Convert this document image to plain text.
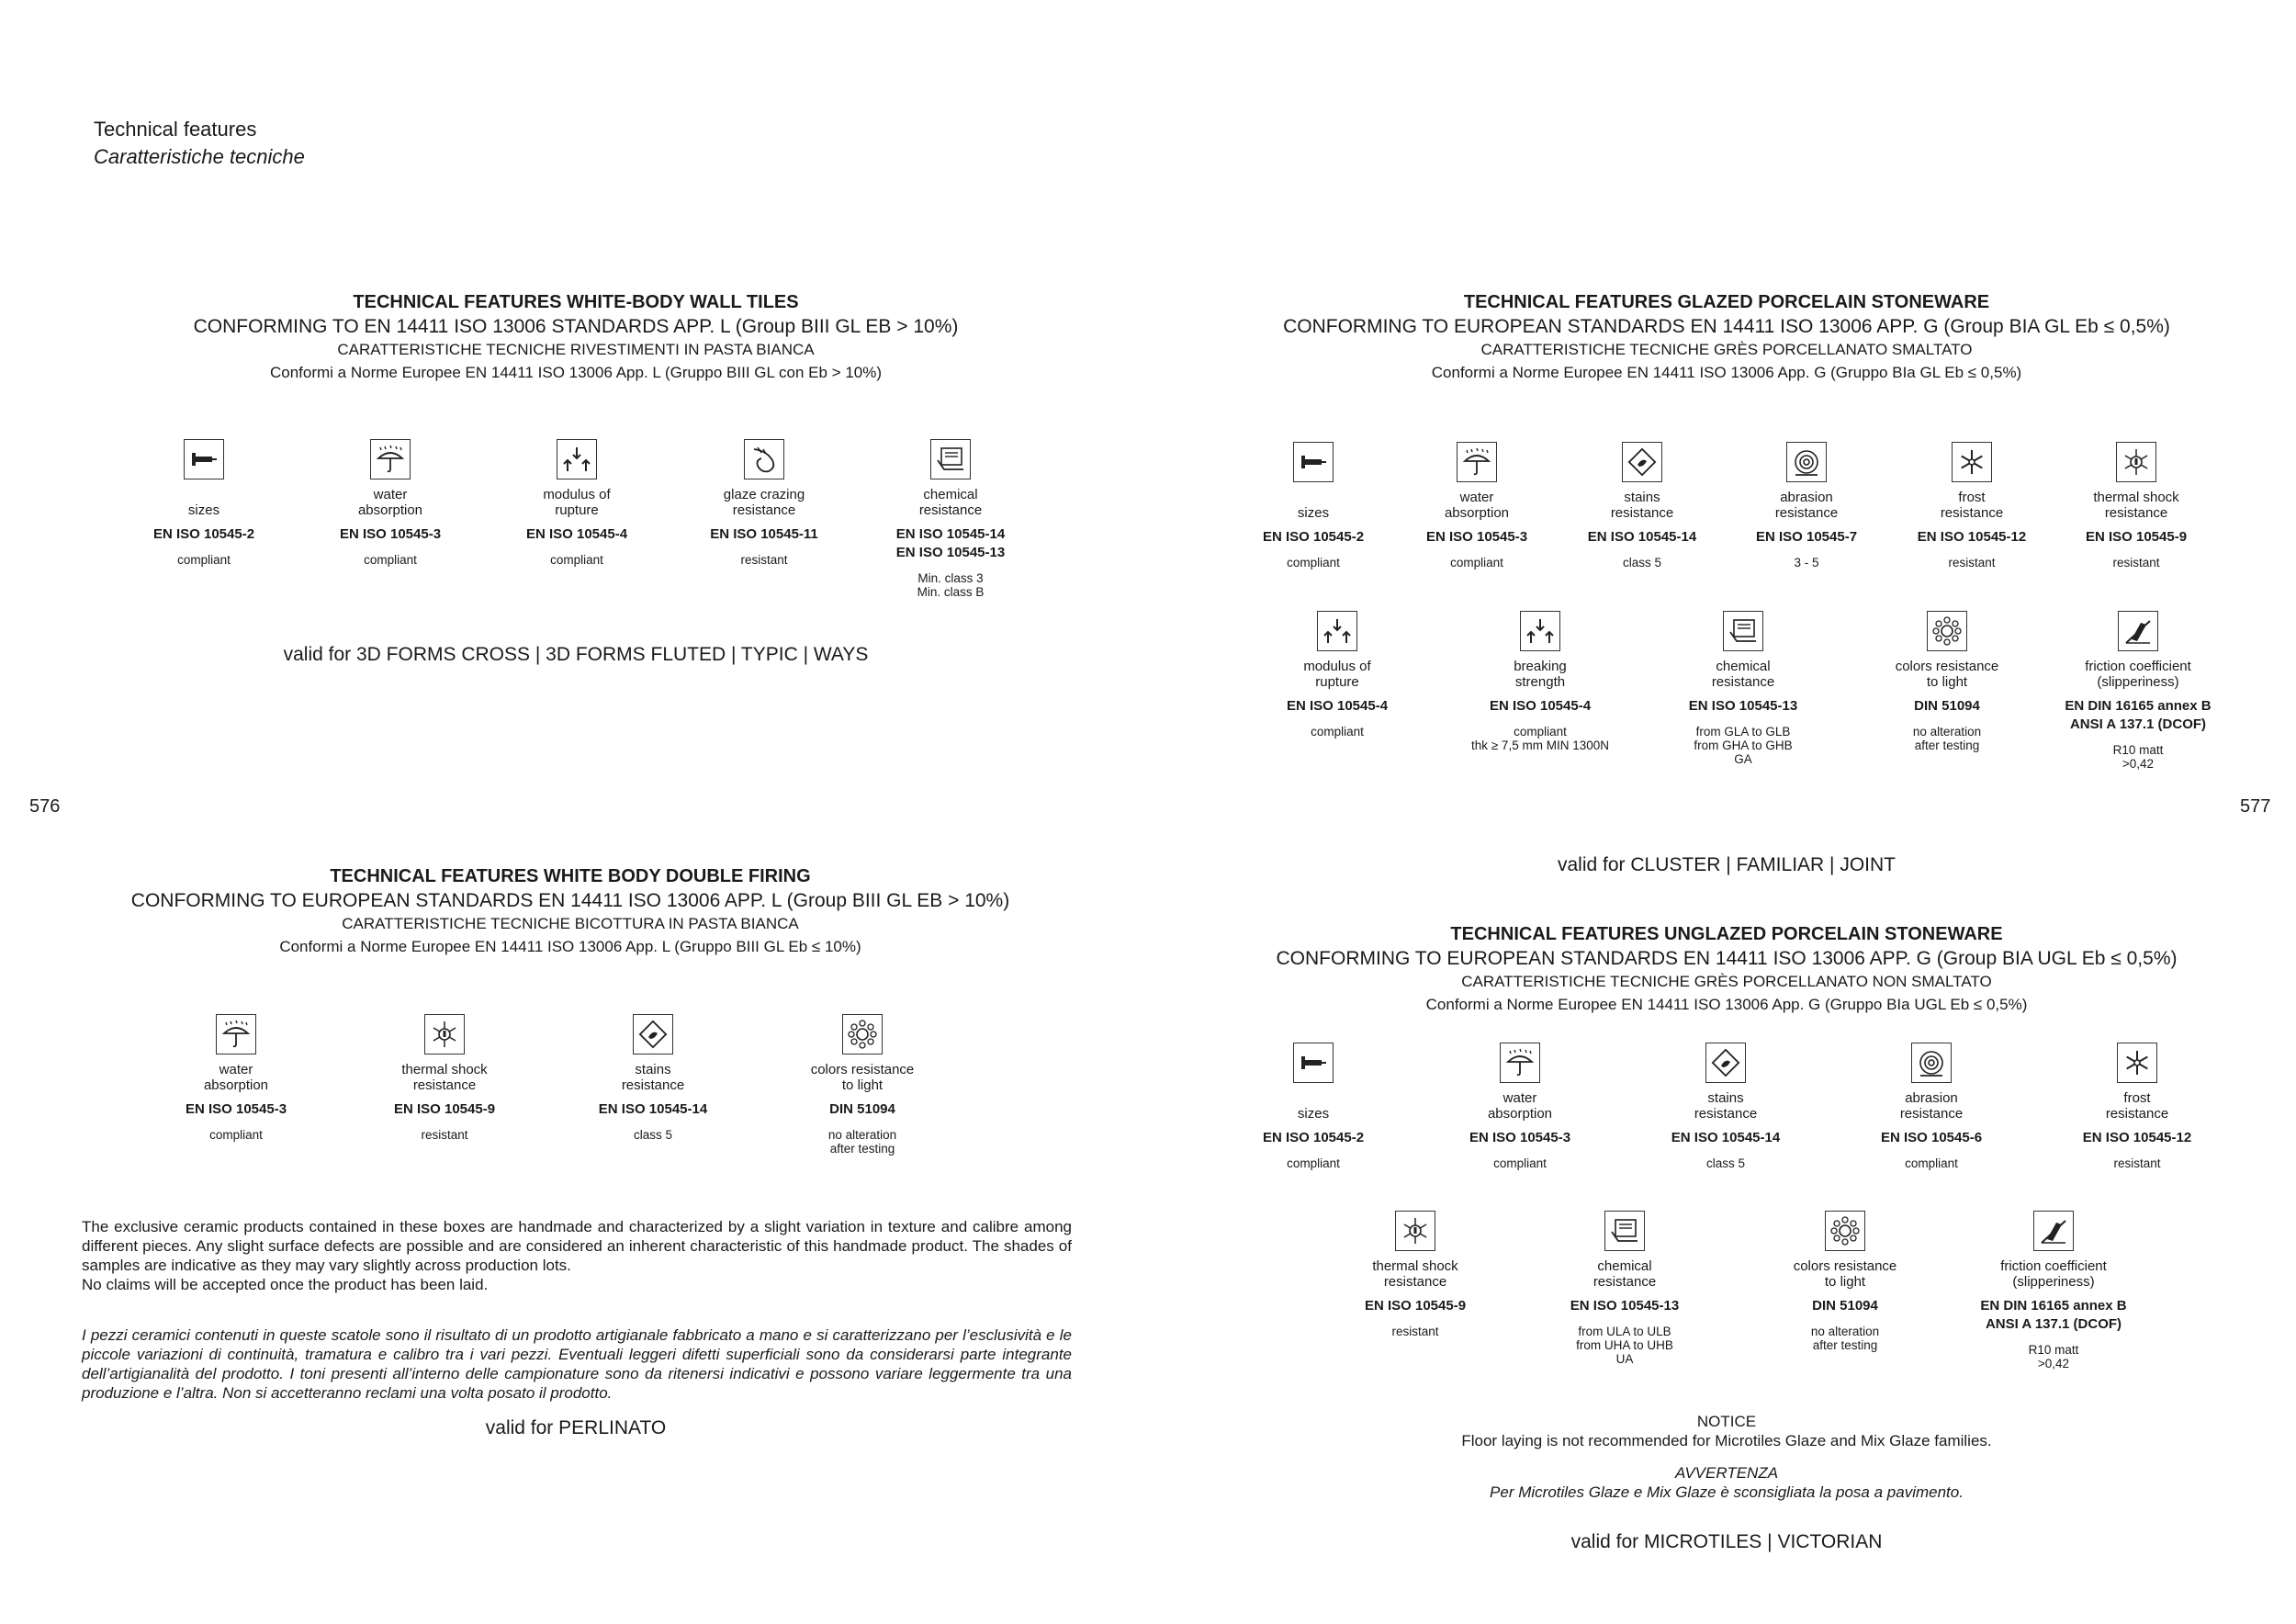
Technical features
Caratteristiche tecniche
576	577
TECHNICAL FEATURES WHITE-BODY WALL TILES
CONFORMING TO EN 14411 ISO 13006 STANDARDS APP. L (Group BIII GL EB > 10%)
CARATTERISTICHE TECNICHE RIVESTIMENTI IN PASTA BIANCA
Conformi a Norme Europee EN 14411 ISO 13006 App. L (Gruppo BIII GL con Eb > 10%)
sizes
EN ISO 10545-2
compliant
water
absorption
EN ISO 10545-3
compliant
modulus of
rupture
EN ISO 10545-4
compliant
glaze crazing
resistance
EN ISO 10545-11
resistant
chemical
resistance
EN ISO 10545-14
EN ISO 10545-13
Min. class 3
Min. class B
valid for 3D FORMS CROSS | 3D FORMS FLUTED | TYPIC | WAYS
TECHNICAL FEATURES WHITE BODY DOUBLE FIRING
CONFORMING TO EUROPEAN STANDARDS EN 14411 ISO 13006 APP. L (Group BIII GL EB > 10%)
CARATTERISTICHE TECNICHE BICOTTURA IN PASTA BIANCA
Conformi a Norme Europee EN 14411 ISO 13006 App. L (Gruppo BIII GL Eb ≤ 10%)
water
absorption
EN ISO 10545-3
compliant
thermal shock
resistance
EN ISO 10545-9
resistant
stains
resistance
EN ISO 10545-14
class 5
colors resistance
to light
DIN 51094
no alteration
after testing
The exclusive ceramic products contained in these boxes are handmade and characterized by a slight variation in texture and calibre among different pieces. Any slight surface defects are possible and are considered an inherent characteristic of this handmade product. The shades of samples are indicative as they may vary slightly across production lots.
No claims will be accepted once the product has been laid.
I pezzi ceramici contenuti in queste scatole sono il risultato di un prodotto artigianale fabbricato a mano e si caratterizzano per l’esclusività e le piccole variazioni di continuità, tramatura e calibro tra i vari pezzi. Eventuali leggeri difetti superficiali sono da considerarsi parte integrante dell’artigianalità del prodotto. I toni presenti all’interno delle campionature sono da ritenersi indicativi e possono variare leggermente tra una produzione e l’altra. Non si accetteranno reclami una volta posato il prodotto.
valid for PERLINATO
TECHNICAL FEATURES GLAZED PORCELAIN STONEWARE
CONFORMING TO EUROPEAN STANDARDS EN 14411 ISO 13006 APP. G (Group BIA GL Eb ≤ 0,5%)
CARATTERISTICHE TECNICHE GRÈS PORCELLANATO SMALTATO
Conformi a Norme Europee EN 14411 ISO 13006 App. G (Gruppo BIa GL Eb ≤ 0,5%)
sizes
EN ISO 10545-2
compliant
water
absorption
EN ISO 10545-3
compliant
stains
resistance
EN ISO 10545-14
class 5
abrasion
resistance
EN ISO 10545-7
3 - 5
frost
resistance
EN ISO 10545-12
resistant
thermal shock
resistance
EN ISO 10545-9
resistant
modulus of
rupture
EN ISO 10545-4
compliant
breaking
strength
EN ISO 10545-4
compliant
thk ≥ 7,5 mm MIN 1300N
chemical
resistance
EN ISO 10545-13
from GLA to GLB
from GHA to GHB
GA
colors resistance
to light
DIN 51094
no alteration
after testing
friction coefficient
(slipperiness)
EN DIN 16165 annex B
ANSI A 137.1 (DCOF)
R10 matt
>0,42
valid for CLUSTER | FAMILIAR | JOINT
TECHNICAL FEATURES UNGLAZED PORCELAIN STONEWARE
CONFORMING TO EUROPEAN STANDARDS EN 14411 ISO 13006 APP. G (Group BIA UGL Eb ≤ 0,5%)
CARATTERISTICHE TECNICHE GRÈS PORCELLANATO NON SMALTATO
Conformi a Norme Europee EN 14411 ISO 13006 App. G (Gruppo BIa UGL Eb ≤ 0,5%)
sizes
EN ISO 10545-2
compliant
water
absorption
EN ISO 10545-3
compliant
stains
resistance
EN ISO 10545-14
class 5
abrasion
resistance
EN ISO 10545-6
compliant
frost
resistance
EN ISO 10545-12
resistant
thermal shock
resistance
EN ISO 10545-9
resistant
chemical
resistance
EN ISO 10545-13
from ULA to ULB
from UHA to UHB
UA
colors resistance
to light
DIN 51094
no alteration
after testing
friction coefficient
(slipperiness)
EN DIN 16165 annex B
ANSI A 137.1 (DCOF)
R10 matt
>0,42
NOTICE
Floor laying is not recommended for Microtiles Glaze and Mix Glaze families.
AVVERTENZA
Per Microtiles Glaze e Mix Glaze è sconsigliata la posa a pavimento.
valid for MICROTILES | VICTORIAN
